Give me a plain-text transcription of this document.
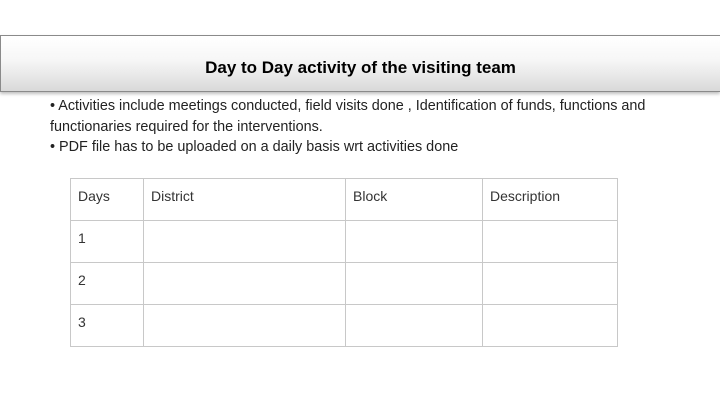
Day to Day activity of the visiting team

• Activities include meetings conducted, field visits done , Identification of funds, functions and functionaries required for the interventions.

• PDF file has to be uploaded on a daily basis wrt activities done

Days	District	Block	Description
1			
2			
3			
